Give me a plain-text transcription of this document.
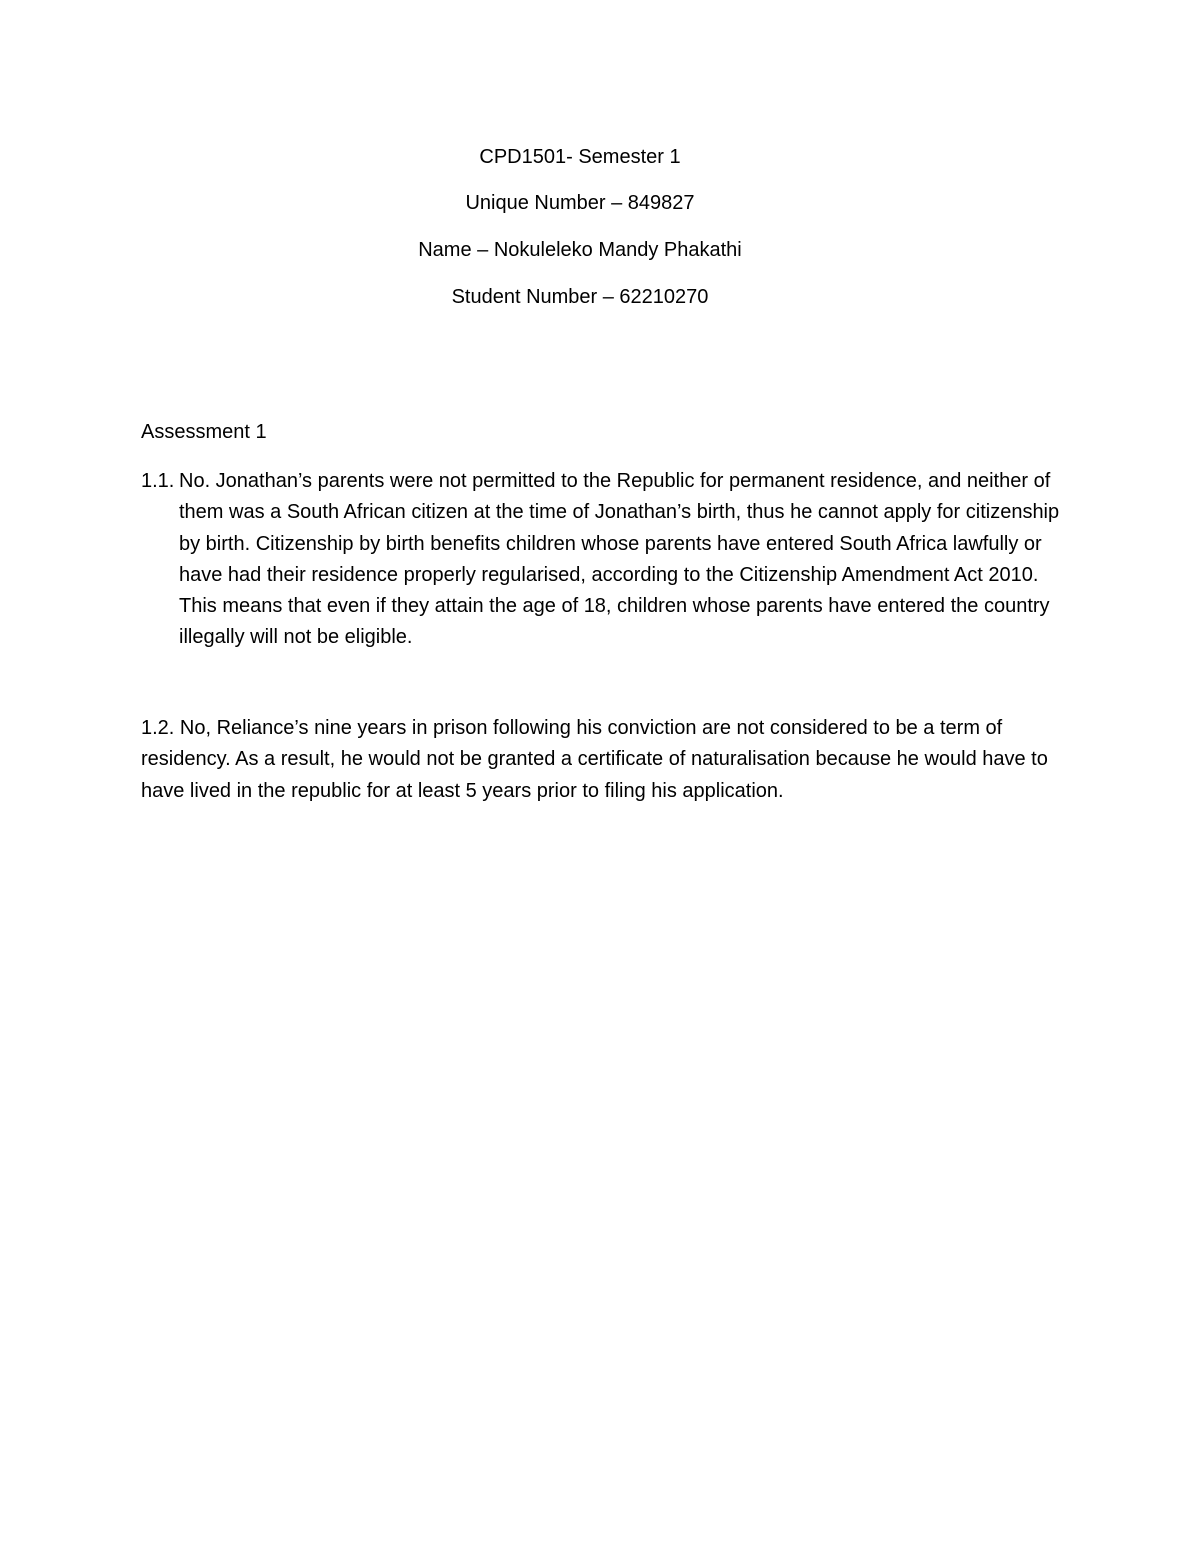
CPD1501- Semester 1
Unique Number – 849827
Name – Nokuleleko Mandy Phakathi
Student Number – 62210270
Assessment 1
1.1. No. Jonathan’s parents were not permitted to the Republic for permanent residence, and neither of them was a South African citizen at the time of Jonathan’s birth, thus he cannot apply for citizenship by birth. Citizenship by birth benefits children whose parents have entered South Africa lawfully or have had their residence properly regularised, according to the Citizenship Amendment Act 2010. This means that even if they attain the age of 18, children whose parents have entered the country illegally will not be eligible.
1.2. No, Reliance’s nine years in prison following his conviction are not considered to be a term of residency. As a result, he would not be granted a certificate of naturalisation because he would have to have lived in the republic for at least 5 years prior to filing his application.
